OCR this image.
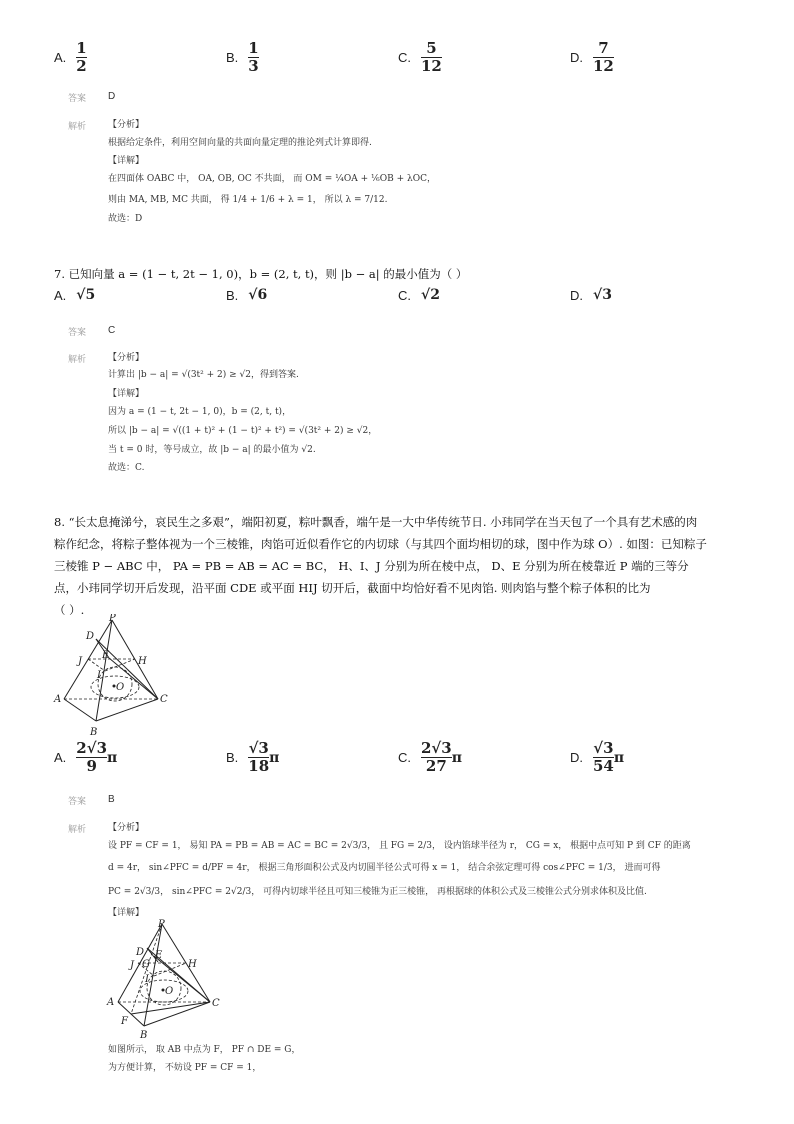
A. $\frac{1}{2}$	B. $\frac{1}{3}$	C. $\frac{5}{12}$	D. $\frac{7}{12}$
答案 D
解析 【分析】
根据给定条件，利用空间向量的共面向量定理的推论列式计算即得.
【详解】
在四面体 OABC 中， OA, OB, OC 不共面， 而 OM = ¼OA + ⅙OB + λOC，
则由 MA, MB, MC 共面， 得 1/4 + 1/6 + λ = 1， 所以 λ = 7/12.
故选：D
7. 已知向量 a = (1 − t, 2t − 1, 0)，b = (2, t, t)，则 |b − a| 的最小值为（ ）
A. √5	B. √6	C. √2	D. √3
答案 C
解析 【分析】
计算出 |b − a| = √(3t² + 2) ≥ √2，得到答案.
【详解】
因为 a = (1 − t, 2t − 1, 0)，b = (2, t, t)，
所以 |b − a| = √((1 + t)² + (1 − t)² + t²) = √(3t² + 2) ≥ √2，
当 t = 0 时，等号成立，故 |b − a| 的最小值为 √2.
故选：C.
8. “长太息掩涕兮，哀民生之多艰”，端阳初夏，粽叶飘香，端午是一大中华传统节日. 小玮同学在当天包了一个具有艺术感的肉
粽作纪念，将粽子整体视为一个三棱锥，肉馅可近似看作它的内切球（与其四个面均相切的球，图中作为球 O）. 如图：已知粽子
三棱锥 P − ABC 中， PA = PB = AB = AC = BC， H、I、J 分别为所在棱中点， D、E 分别为所在棱靠近 P 端的三等分
点，小玮同学切开后发现，沿平面 CDE 或平面 HIJ 切开后，截面中均恰好看不见肉馅. 则肉馅与整个粽子体积的比为
（ ）.
P
D
J
E
H
I
O
A	C
B
A. $\frac{2√3}{9}$ π	B. $\frac{√3}{18}$ π	C. $\frac{2√3}{27}$ π	D. $\frac{√3}{54}$ π
答案 B
解析 【分析】
设 PF = CF = 1， 易知 PA = PB = AB = AC = BC = 2√3/3， 且 FG = 2/3， 设内馅球半径为 r， CG = x， 根据中点可知 P 到 CF 的距离
d = 4r， sin∠PFC = d/PF = 4r， 根据三角形面积公式及内切圆半径公式可得 x = 1， 结合余弦定理可得 cos∠PFC = 1/3， 进而可得
PC = 2√3/3， sin∠PFC = 2√2/3， 可得内切球半径且可知三棱锥为正三棱锥， 再根据球的体积公式及三棱锥公式分别求体积及比值.
【详解】
P
D
J G
E
H
I
O
A	C
F
B
如图所示， 取 AB 中点为 F， PF ∩ DE = G，
为方便计算， 不妨设 PF = CF = 1，
